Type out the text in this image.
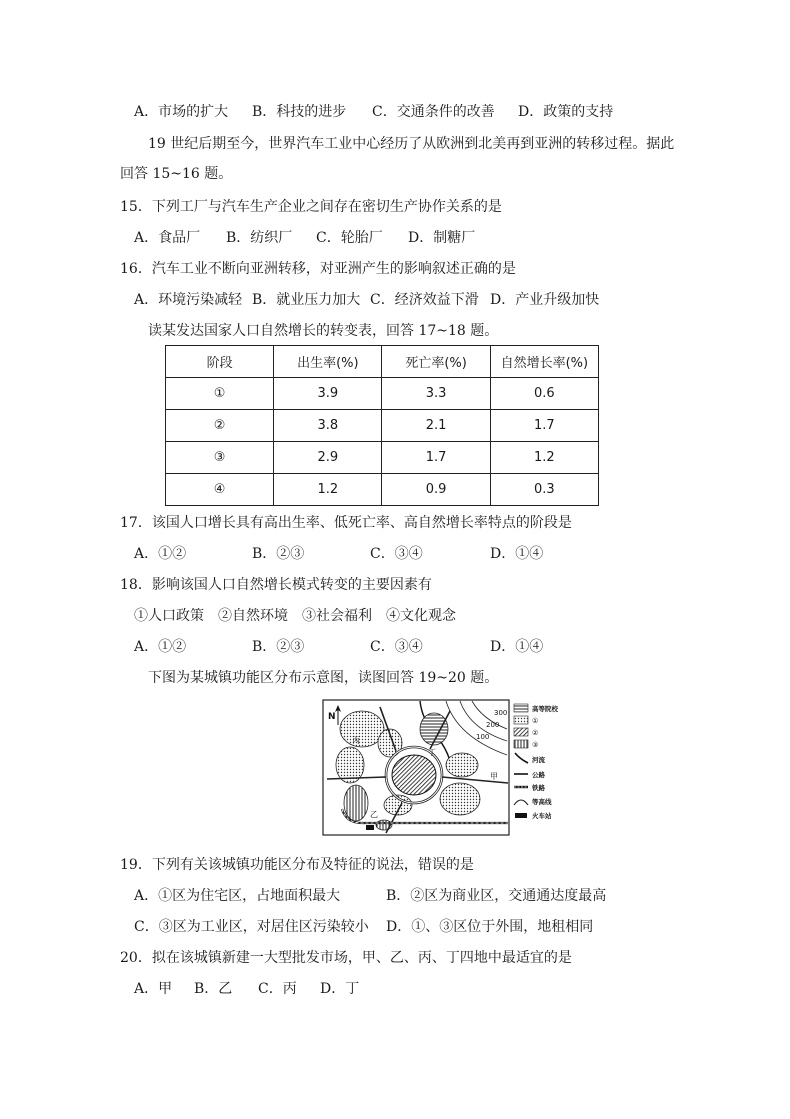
A．市场的扩大 B．科技的进步 C．交通条件的改善 D．政策的支持
19 世纪后期至今，世界汽车工业中心经历了从欧洲到北美再到亚洲的转移过程。据此
回答 15~16 题。
15．下列工厂与汽车生产企业之间存在密切生产协作关系的是
A．食品厂 B．纺织厂 C．轮胎厂 D．制糖厂
16．汽车工业不断向亚洲转移，对亚洲产生的影响叙述正确的是
A．环境污染减轻 B．就业压力加大 C．经济效益下滑 D．产业升级加快
读某发达国家人口自然增长的转变表，回答 17~18 题。
阶段	出生率(%)	死亡率(%)	自然增长率(%)
①	3.9	3.3	0.6
②	3.8	2.1	1.7
③	2.9	1.7	1.2
④	1.2	0.9	0.3
17．该国人口增长具有高出生率、低死亡率、高自然增长率特点的阶段是
A．①②	B．②③	C．③④	D．①④
18．影响该国人口自然增长模式转变的主要因素有
①人口政策　②自然环境　③社会福利　④文化观念
A．①②	B．②③	C．③④	D．①④
下图为某城镇功能区分布示意图，读图回答 19~20 题。
N
丙
丁
甲
乙
300
200
100
高等院校
①
②
③
河流
公路
铁路
等高线
火车站
19．下列有关该城镇功能区分布及特征的说法，错误的是
A．①区为住宅区，占地面积最大	B．②区为商业区，交通通达度最高
C．③区为工业区，对居住区污染较小 D．①、③区位于外围，地租相同
20．拟在该城镇新建一大型批发市场，甲、乙、丙、丁四地中最适宜的是
A．甲 B．乙 C．丙 D．丁
